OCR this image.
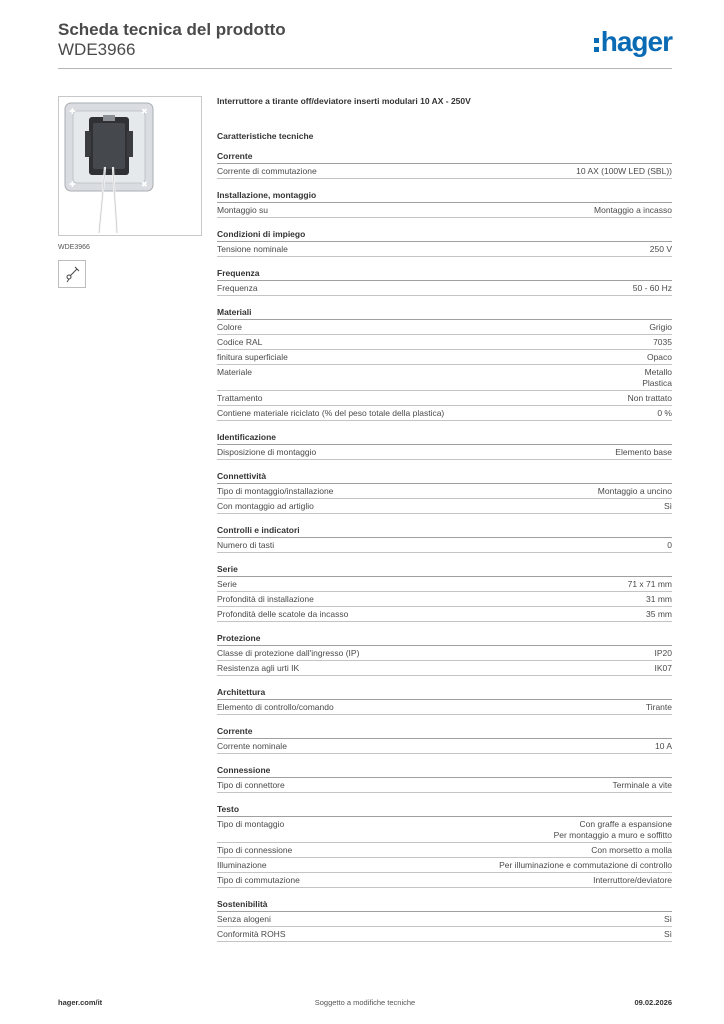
Scheda tecnica del prodotto
WDE3966	hager
✚	✖
✚	✖
WDE3966
Interruttore a tirante off/deviatore inserti modulari 10 AX - 250V
Caratteristiche tecniche
Corrente
Corrente di commutazione	10 AX (100W LED (SBL))
Installazione, montaggio
Montaggio su	Montaggio a incasso
Condizioni di impiego
Tensione nominale	250 V
Frequenza
Frequenza	50 - 60 Hz
Materiali
Colore	Grigio
Codice RAL	7035
finitura superficiale	Opaco
Materiale	Metallo
Plastica
Trattamento	Non trattato
Contiene materiale riciclato (% del peso totale della plastica)	0 %
Identificazione
Disposizione di montaggio	Elemento base
Connettività
Tipo di montaggio/installazione	Montaggio a uncino
Con montaggio ad artiglio	Sì
Controlli e indicatori
Numero di tasti	0
Serie
Serie	71 x 71 mm
Profondità di installazione	31 mm
Profondità delle scatole da incasso	35 mm
Protezione
Classe di protezione dall'ingresso (IP)	IP20
Resistenza agli urti IK	IK07
Architettura
Elemento di controllo/comando	Tirante
Corrente
Corrente nominale	10 A
Connessione
Tipo di connettore	Terminale a vite
Testo
Tipo di montaggio	Con graffe a espansione
Per montaggio a muro e soffitto
Tipo di connessione	Con morsetto a molla
Illuminazione	Per illuminazione e commutazione di controllo
Tipo di commutazione	Interruttore/deviatore
Sostenibilità
Senza alogeni	Sì
Conformità ROHS	Sì
Soggetto a modifiche tecniche
hager.com/it	09.02.2026
